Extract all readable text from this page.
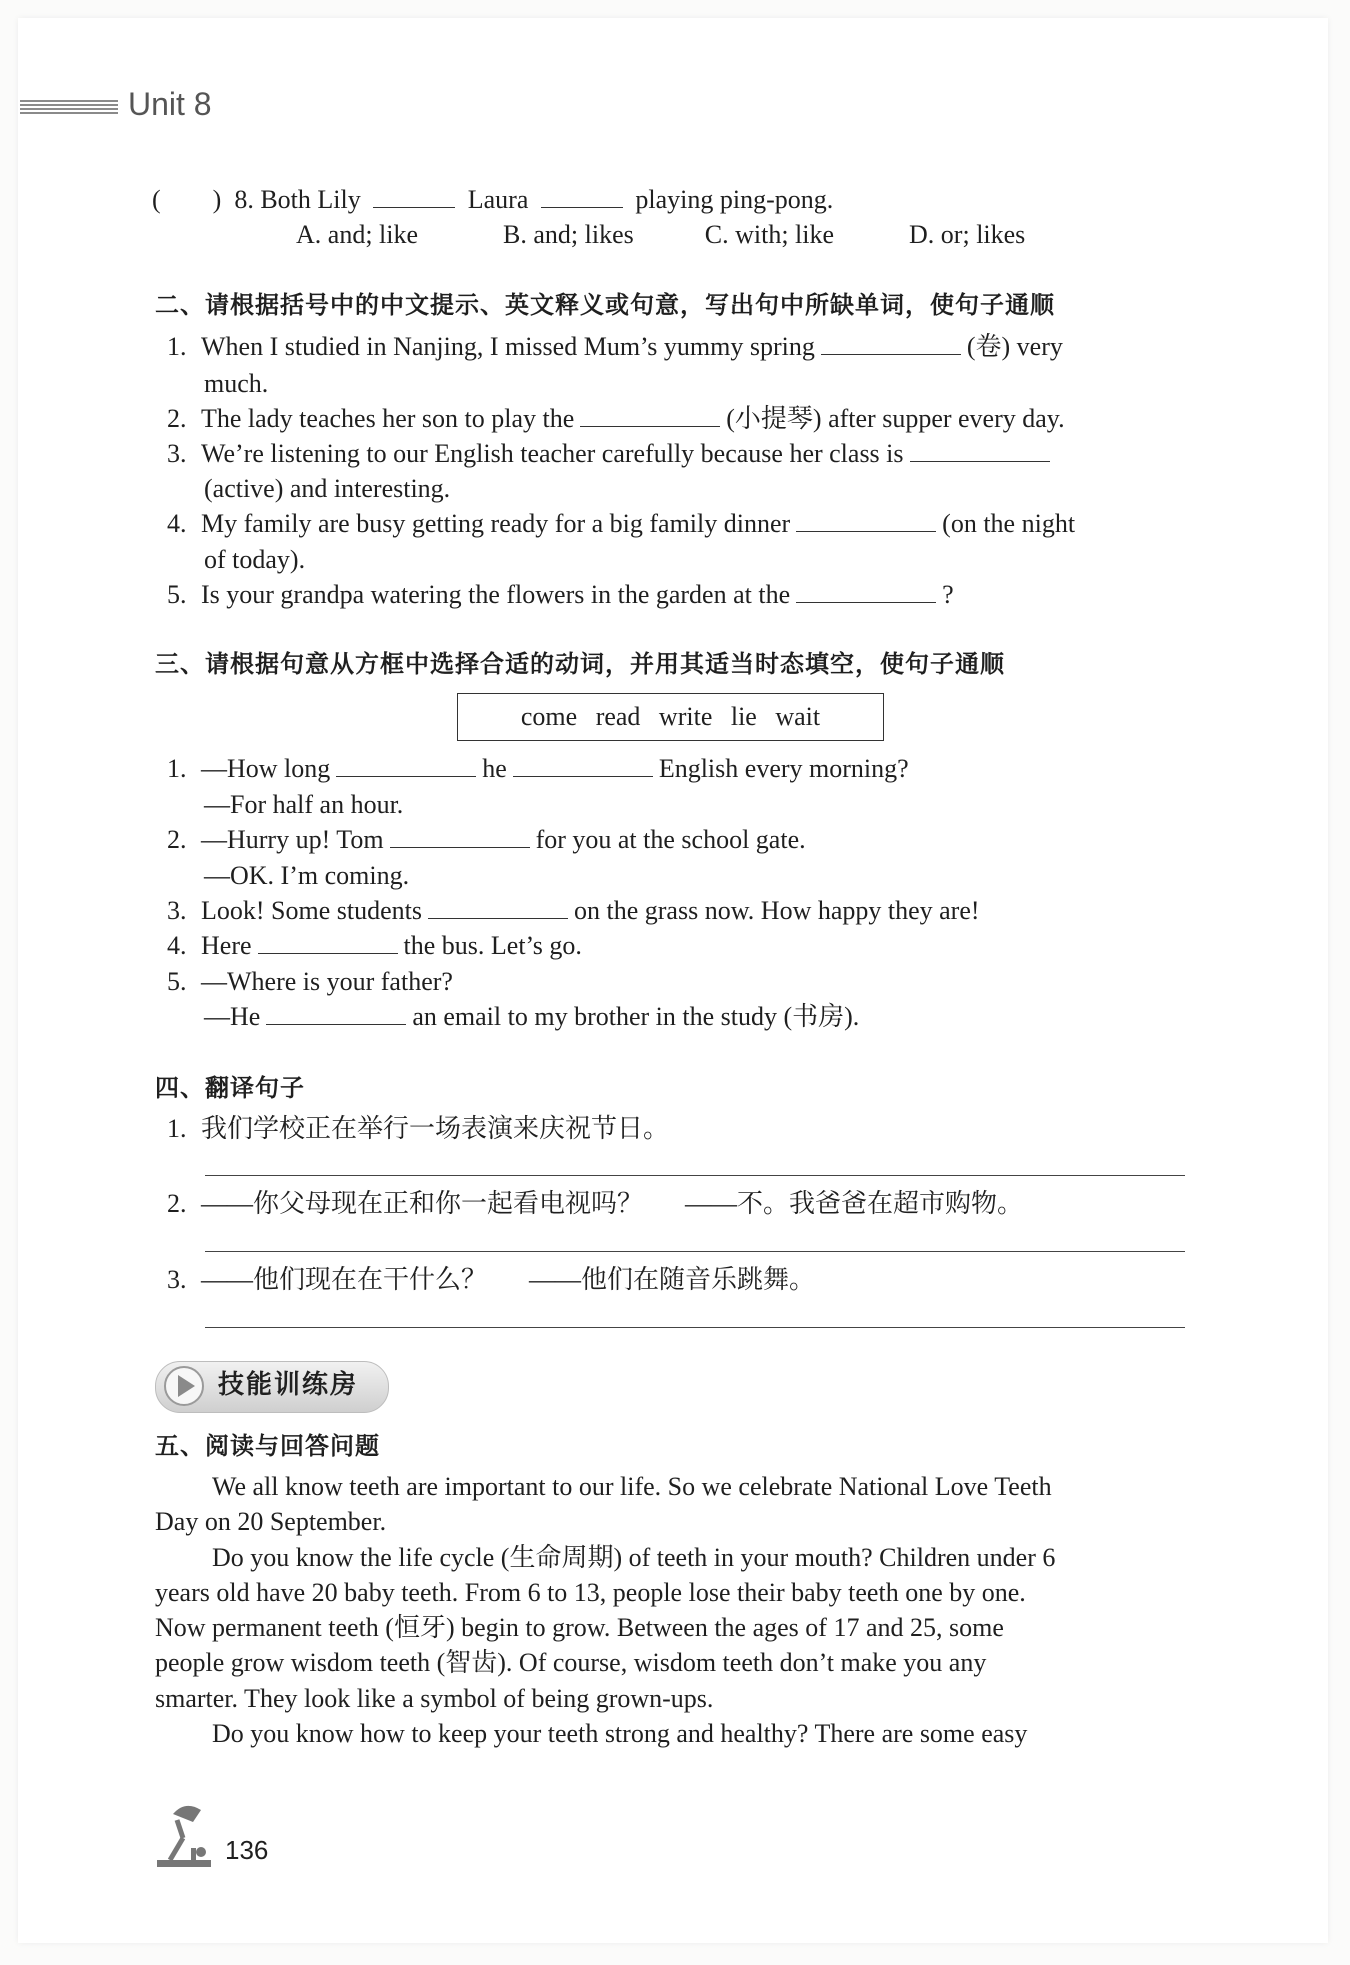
Unit 8
(　　) 8. Both Lily	Laura	playing ping-pong.
A. and; like	B. and; likes	C. with; like	D. or; likes
二、请根据括号中的中文提示、英文释义或句意，写出句中所缺单词，使句子通顺
1. When I studied in Nanjing, I missed Mum’s yummy spring	(卷) very
much.
2. The lady teaches her son to play the	(小提琴) after supper every day.
3. We’re listening to our English teacher carefully because her class is
(active) and interesting.
4. My family are busy getting ready for a big family dinner	(on the night
of today).
5. Is your grandpa watering the flowers in the garden at the	?
三、请根据句意从方框中选择合适的动词，并用其适当时态填空，使句子通顺
come read write lie wait
1. —How long	he	English every morning?
—For half an hour.
2. —Hurry up! Tom	for you at the school gate.
—OK. I’m coming.
3. Look! Some students	on the grass now. How happy they are!
4. Here	the bus. Let’s go.
5. —Where is your father?
—He	an email to my brother in the study (书房).
四、翻译句子
1. 我们学校正在举行一场表演来庆祝节日。
2. ——你父母现在正和你一起看电视吗？ ——不。我爸爸在超市购物。
3. ——他们现在在干什么？ ——他们在随音乐跳舞。
技能训练房
五、阅读与回答问题
We all know teeth are important to our life. So we celebrate National Love Teeth
Day on 20 September.
Do you know the life cycle (生命周期) of teeth in your mouth? Children under 6
years old have 20 baby teeth. From 6 to 13, people lose their baby teeth one by one.
Now permanent teeth (恒牙) begin to grow. Between the ages of 17 and 25, some
people grow wisdom teeth (智齿). Of course, wisdom teeth don’t make you any
smarter. They look like a symbol of being grown-ups.
Do you know how to keep your teeth strong and healthy? There are some easy
136
